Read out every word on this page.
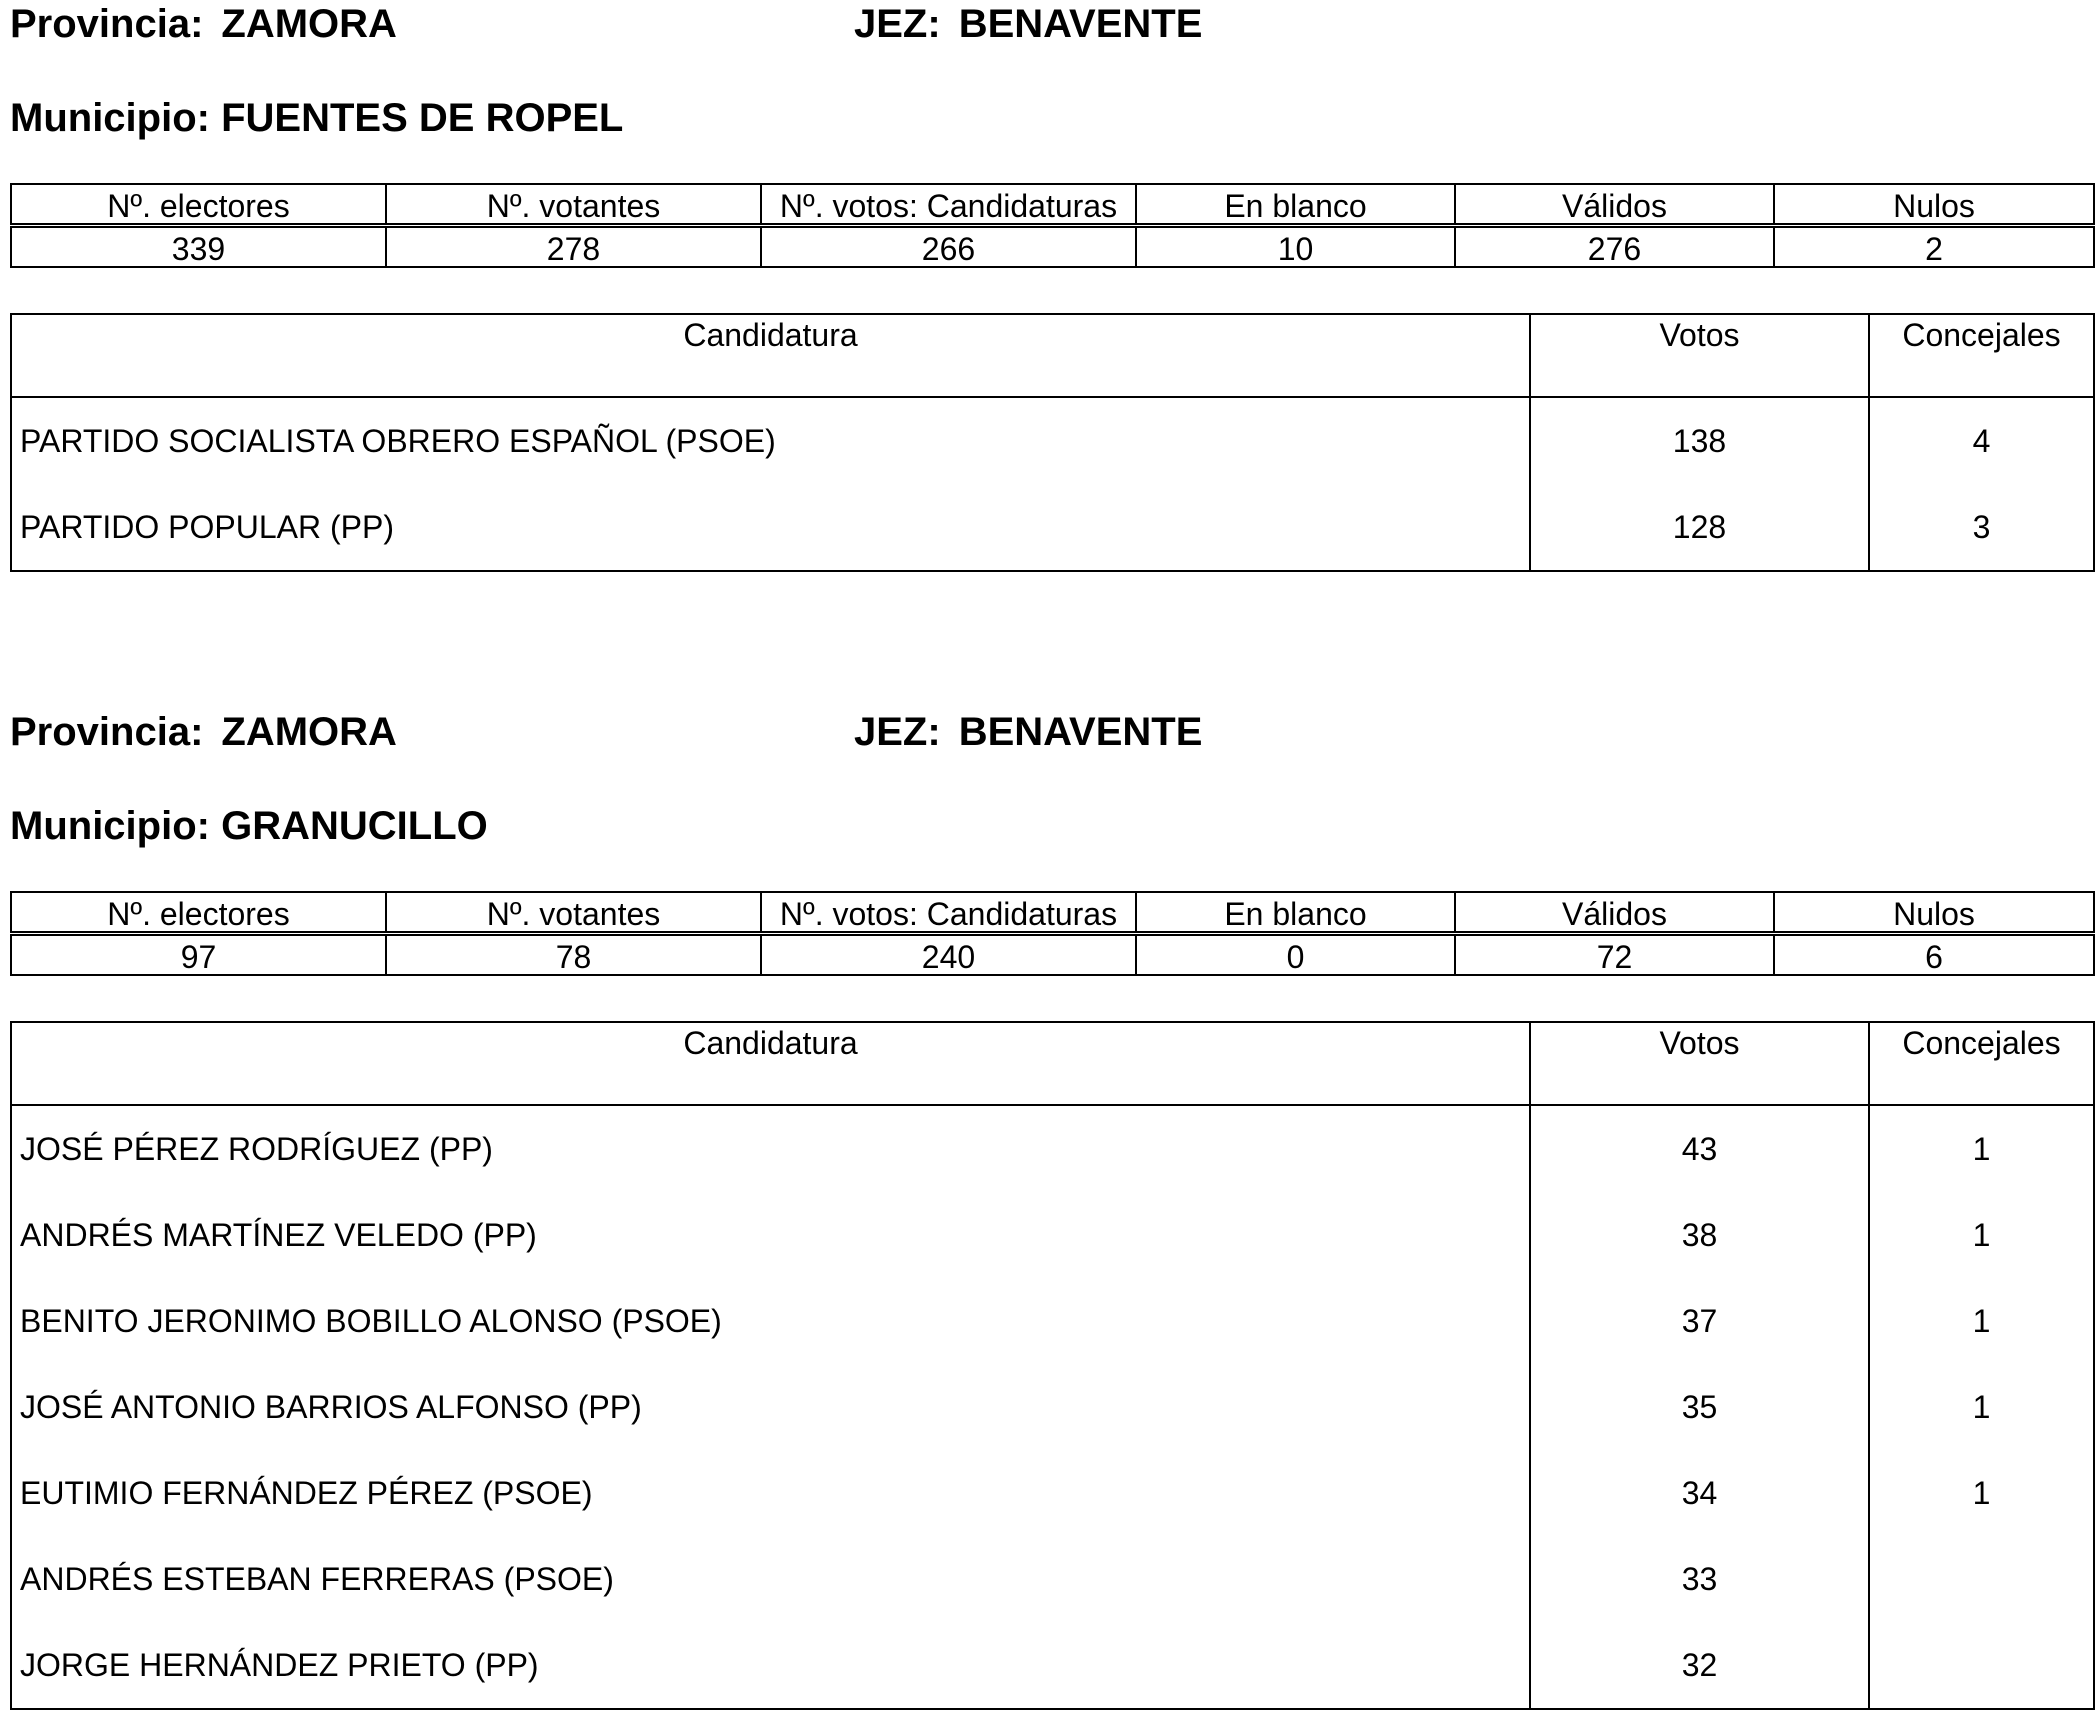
Provincia: ZAMORA	JEZ: BENAVENTE
Municipio: FUENTES DE ROPEL
Nº. electores	Nº. votantes	Nº. votos: Candidaturas	En blanco	Válidos	Nulos
339	278	266	10	276	2
Candidatura	Votos	Concejales
PARTIDO SOCIALISTA OBRERO ESPAÑOL (PSOE)	138	4
PARTIDO POPULAR (PP)	128	3
Provincia: ZAMORA	JEZ: BENAVENTE
Municipio: GRANUCILLO
Nº. electores	Nº. votantes	Nº. votos: Candidaturas	En blanco	Válidos	Nulos
97	78	240	0	72	6
Candidatura	Votos	Concejales
JOSÉ PÉREZ RODRÍGUEZ (PP)	43	1
ANDRÉS MARTÍNEZ VELEDO (PP)	38	1
BENITO JERONIMO BOBILLO ALONSO (PSOE)	37	1
JOSÉ ANTONIO BARRIOS ALFONSO (PP)	35	1
EUTIMIO FERNÁNDEZ PÉREZ (PSOE)	34	1
ANDRÉS ESTEBAN FERRERAS (PSOE)	33	
JORGE HERNÁNDEZ PRIETO (PP)	32	
